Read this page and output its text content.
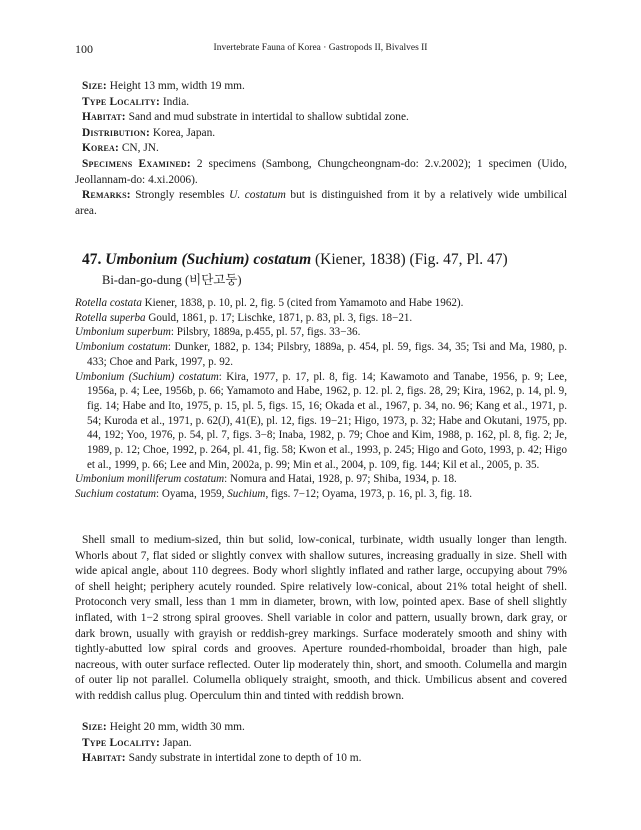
100	Invertebrate Fauna of Korea · Gastropods II, Bivalves II

Size: Height 13 mm, width 19 mm.

Type Locality: India.

Habitat: Sand and mud substrate in intertidal to shallow subtidal zone.

Distribution: Korea, Japan.

Korea: CN, JN.

Specimens Examined: 2 specimens (Sambong, Chungcheongnam-do: 2.v.2002); 1 specimen (Uido, Jeollannam-do: 4.xi.2006).

Remarks: Strongly resembles U. costatum but is distinguished from it by a relatively wide umbilical area.

47. Umbonium (Suchium) costatum (Kiener, 1838) (Fig. 47, Pl. 47)
Bi-dan-go-dung (비단고둥)

Rotella costata Kiener, 1838, p. 10, pl. 2, fig. 5 (cited from Yamamoto and Habe 1962).

Rotella superba Gould, 1861, p. 17; Lischke, 1871, p. 83, pl. 3, figs. 18−21.

Umbonium superbum: Pilsbry, 1889a, p.455, pl. 57, figs. 33−36.

Umbonium costatum: Dunker, 1882, p. 134; Pilsbry, 1889a, p. 454, pl. 59, figs. 34, 35; Tsi and Ma, 1980, p. 433; Choe and Park, 1997, p. 92.

Umbonium (Suchium) costatum: Kira, 1977, p. 17, pl. 8, fig. 14; Kawamoto and Tanabe, 1956, p. 9; Lee, 1956a, p. 4; Lee, 1956b, p. 66; Yamamoto and Habe, 1962, p. 12. pl. 2, figs. 28, 29; Kira, 1962, p. 14, pl. 9, fig. 14; Habe and Ito, 1975, p. 15, pl. 5, figs. 15, 16; Okada et al., 1967, p. 34, no. 96; Kang et al., 1971, p. 54; Kuroda et al., 1971, p. 62(J), 41(E), pl. 12, figs. 19−21; Higo, 1973, p. 32; Habe and Okutani, 1975, pp. 44, 192; Yoo, 1976, p. 54, pl. 7, figs. 3−8; Inaba, 1982, p. 79; Choe and Kim, 1988, p. 162, pl. 8, fig. 2; Je, 1989, p. 12; Choe, 1992, p. 264, pl. 41, fig. 58; Kwon et al., 1993, p. 245; Higo and Goto, 1993, p. 42; Higo et al., 1999, p. 66; Lee and Min, 2002a, p. 99; Min et al., 2004, p. 109, fig. 144; Kil et al., 2005, p. 35.

Umbonium moniliferum costatum: Nomura and Hatai, 1928, p. 97; Shiba, 1934, p. 18.

Suchium costatum: Oyama, 1959, Suchium, figs. 7−12; Oyama, 1973, p. 16, pl. 3, fig. 18.

Shell small to medium-sized, thin but solid, low-conical, turbinate, width usually longer than length. Whorls about 7, flat sided or slightly convex with shallow sutures, increasing gradually in size. Shell with wide apical angle, about 110 degrees. Body whorl slightly inflated and rather large, occupying about 79% of shell height; periphery acutely rounded. Spire relatively low-conical, about 21% total height of shell. Protoconch very small, less than 1 mm in diameter, brown, with low, pointed apex. Base of shell slightly inflated, with 1−2 strong spiral grooves. Shell variable in color and pattern, usually brown, dark gray, or dark brown, usually with grayish or reddish-grey markings. Surface moderately smooth and shiny with tightly-abutted low spiral cords and grooves. Aperture rounded-rhomboidal, broader than high, pale nacreous, with outer surface reflected. Outer lip moderately thin, short, and smooth. Columella and margin of outer lip not parallel. Columella obliquely straight, smooth, and thick. Umbilicus absent and covered with reddish callus plug. Operculum thin and tinted with reddish brown.

Size: Height 20 mm, width 30 mm.

Type Locality: Japan.

Habitat: Sandy substrate in intertidal zone to depth of 10 m.
